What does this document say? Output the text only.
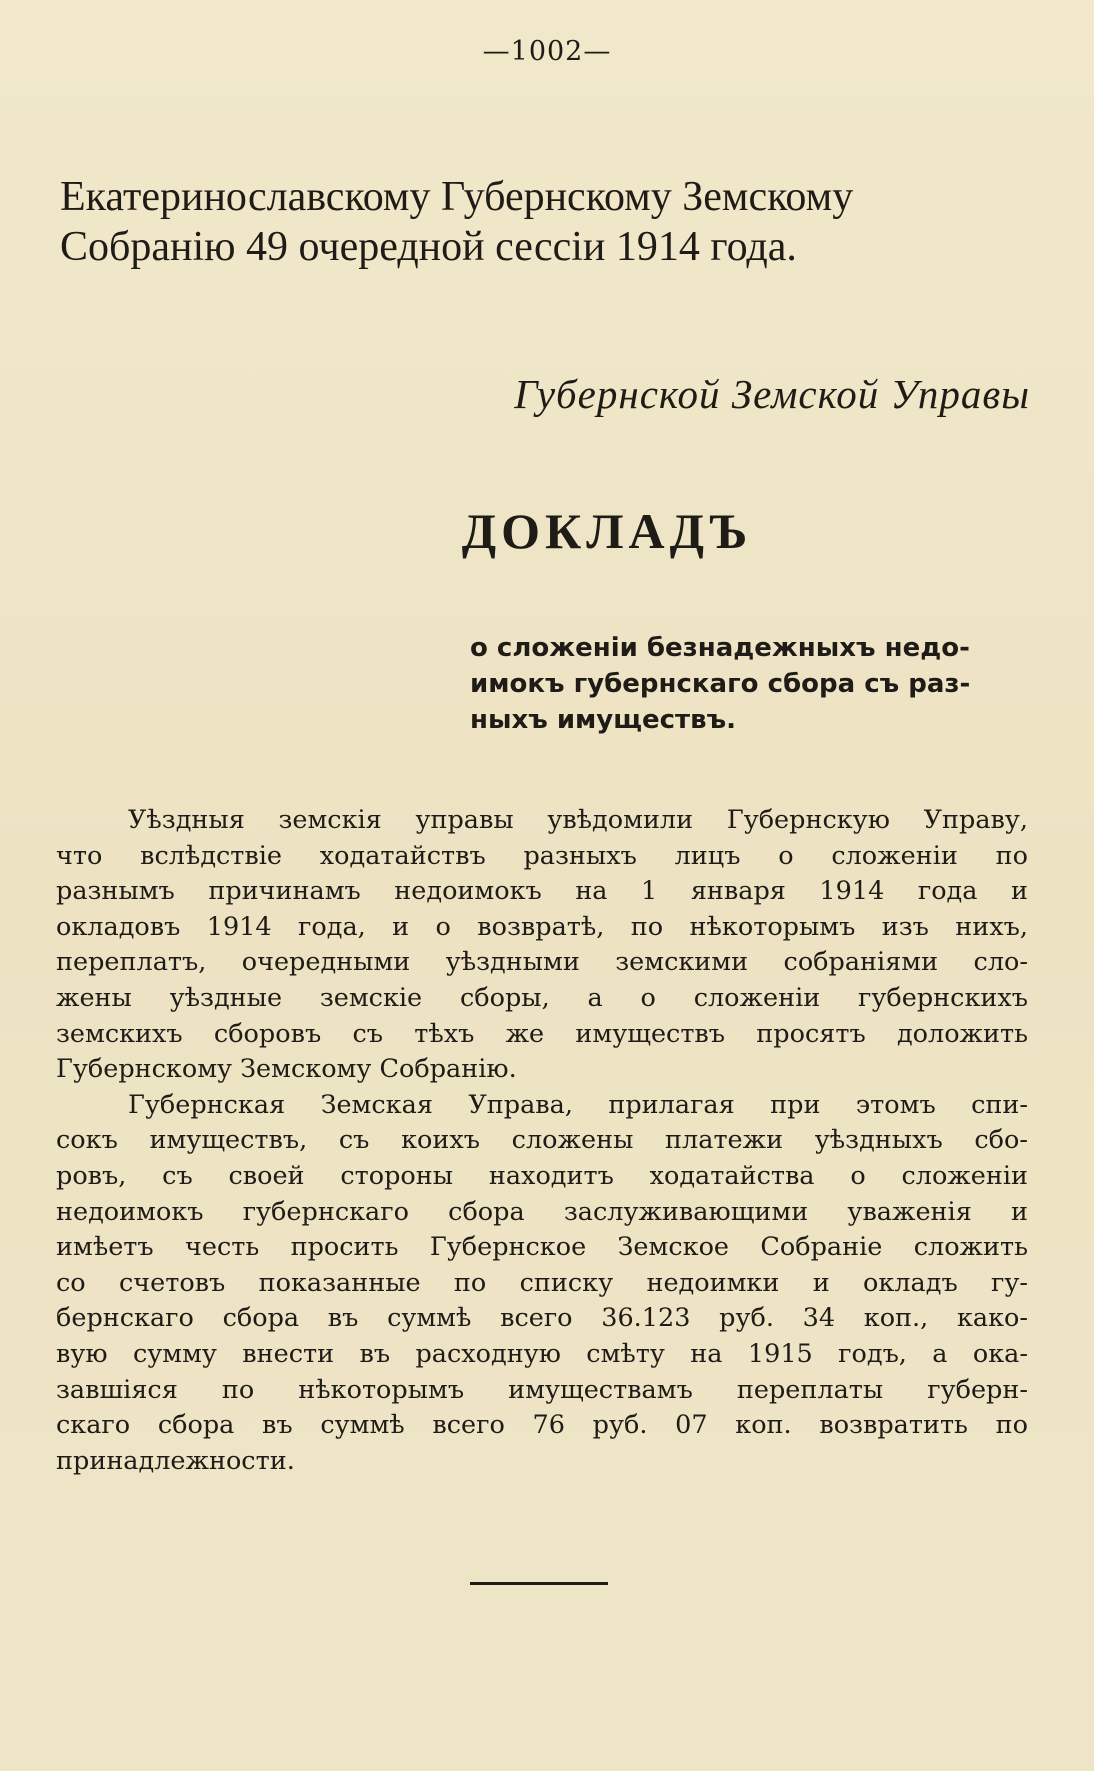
—1002—
Екатеринославскому Губернскому Земскому
Собранію 49 очередной сессіи 1914 года.
Губернской Земской Управы
ДОКЛАДЪ
о сложеніи безнадежныхъ недо-
имокъ губернскаго сбора съ раз-
ныхъ имуществъ.
Уѣздныя земскія управы увѣдомили Губернскую Управу,
что вслѣдствіе ходатайствъ разныхъ лицъ о сложеніи по
разнымъ причинамъ недоимокъ на 1 января 1914 года и
окладовъ 1914 года, и о возвратѣ, по нѣкоторымъ изъ нихъ,
переплатъ, очередными уѣздными земскими собраніями сло-
жены уѣздные земскіе сборы, а о сложеніи губернскихъ
земскихъ сборовъ съ тѣхъ же имуществъ просятъ доложить
Губернскому Земскому Собранію.
Губернская Земская Управа, прилагая при этомъ спи-
сокъ имуществъ, съ коихъ сложены платежи уѣздныхъ сбо-
ровъ, съ своей стороны находитъ ходатайства о сложеніи
недоимокъ губернскаго сбора заслуживающими уваженія и
имѣетъ честь просить Губернское Земское Собраніе сложить
со счетовъ показанные по списку недоимки и окладъ гу-
бернскаго сбора въ суммѣ всего 36.123 руб. 34 коп., како-
вую сумму внести въ расходную смѣту на 1915 годъ, а ока-
завшіяся по нѣкоторымъ имуществамъ переплаты губерн-
скаго сбора въ суммѣ всего 76 руб. 07 коп. возвратить по
принадлежности.
